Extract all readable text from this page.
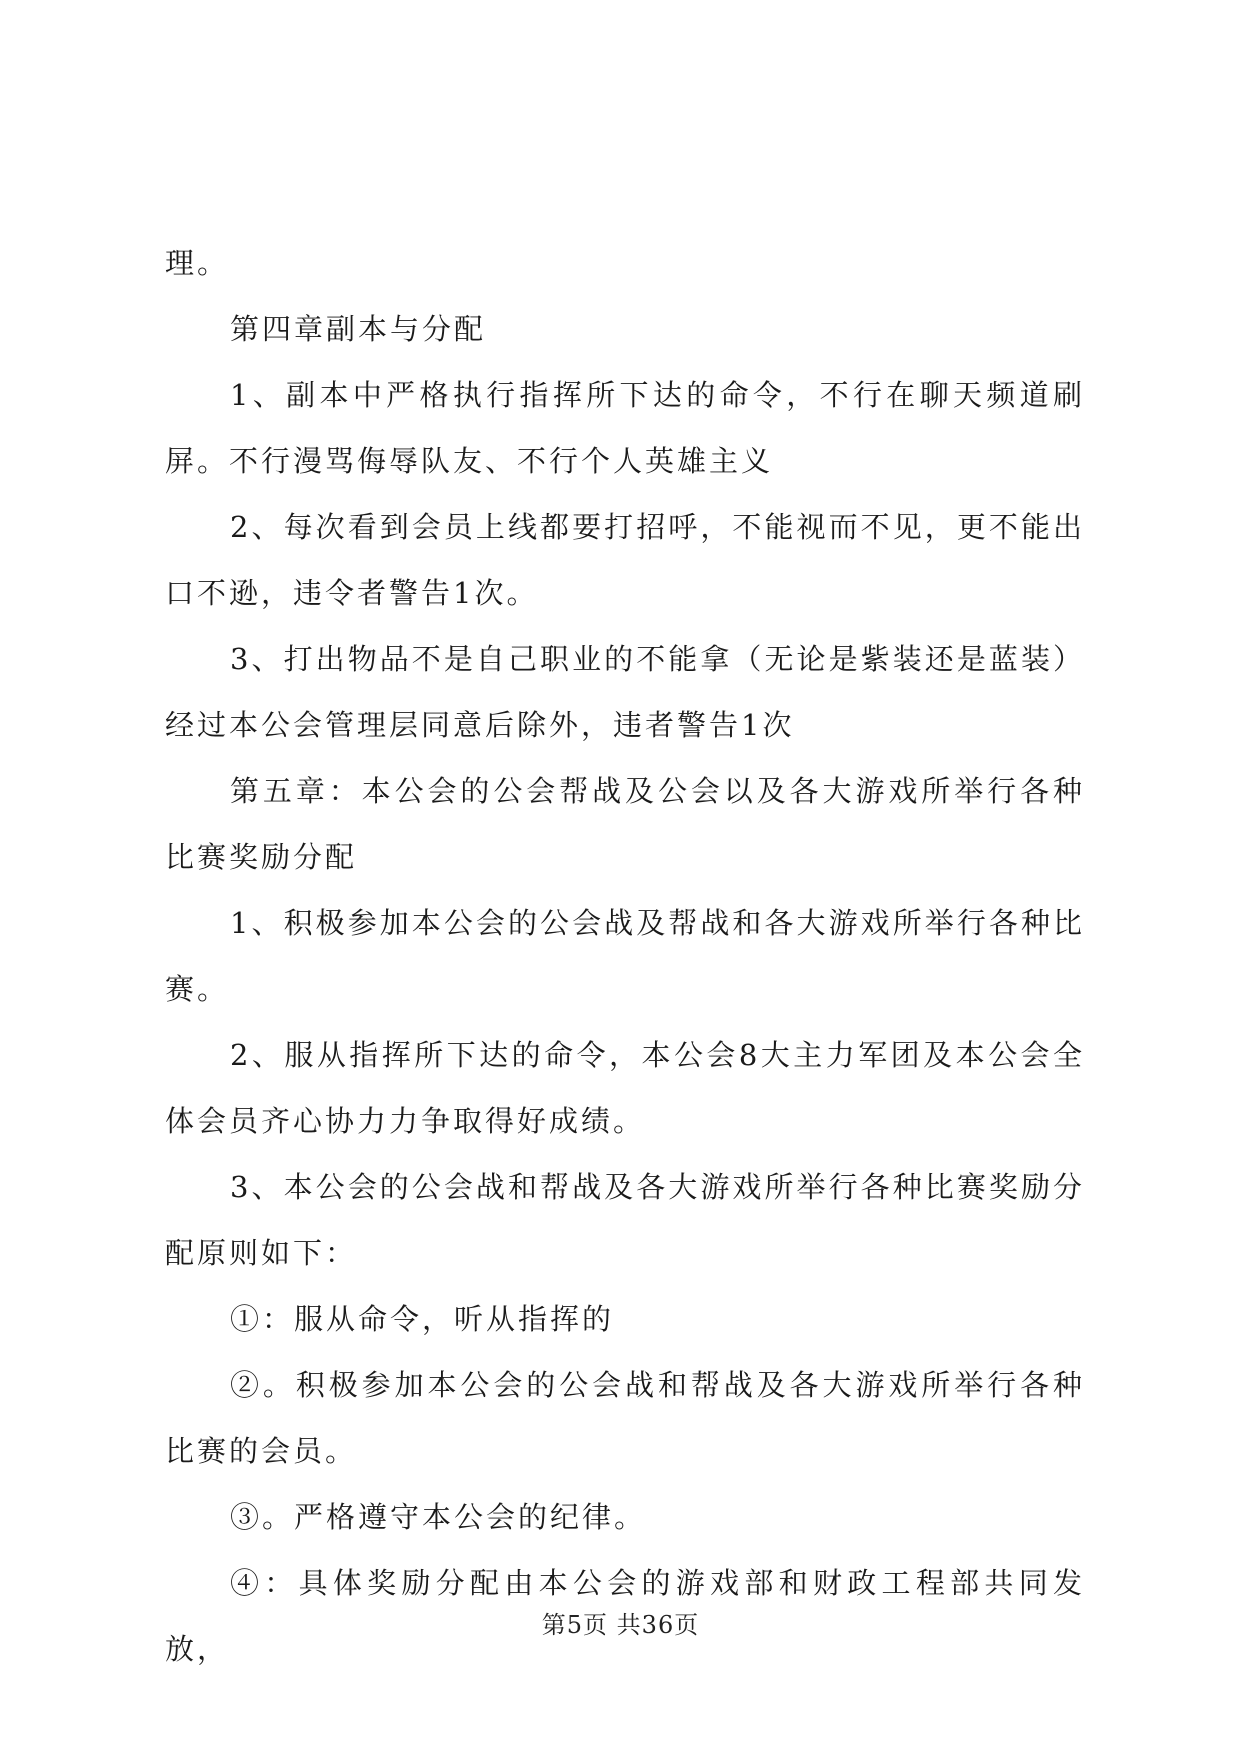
理。

第四章副本与分配

1、副本中严格执行指挥所下达的命令，不行在聊天频道刷屏。不行漫骂侮辱队友、不行个人英雄主义

2、每次看到会员上线都要打招呼，不能视而不见，更不能出口不逊，违令者警告1次。

3、打出物品不是自己职业的不能拿（无论是紫装还是蓝装）经过本公会管理层同意后除外，违者警告1次

第五章：本公会的公会帮战及公会以及各大游戏所举行各种比赛奖励分配

1、积极参加本公会的公会战及帮战和各大游戏所举行各种比赛。

2、服从指挥所下达的命令，本公会8大主力军团及本公会全体会员齐心协力力争取得好成绩。

3、本公会的公会战和帮战及各大游戏所举行各种比赛奖励分配原则如下：

①：服从命令，听从指挥的

②。积极参加本公会的公会战和帮战及各大游戏所举行各种比赛的会员。

③。严格遵守本公会的纪律。

④：具体奖励分配由本公会的游戏部和财政工程部共同发放，

第5页 共36页
